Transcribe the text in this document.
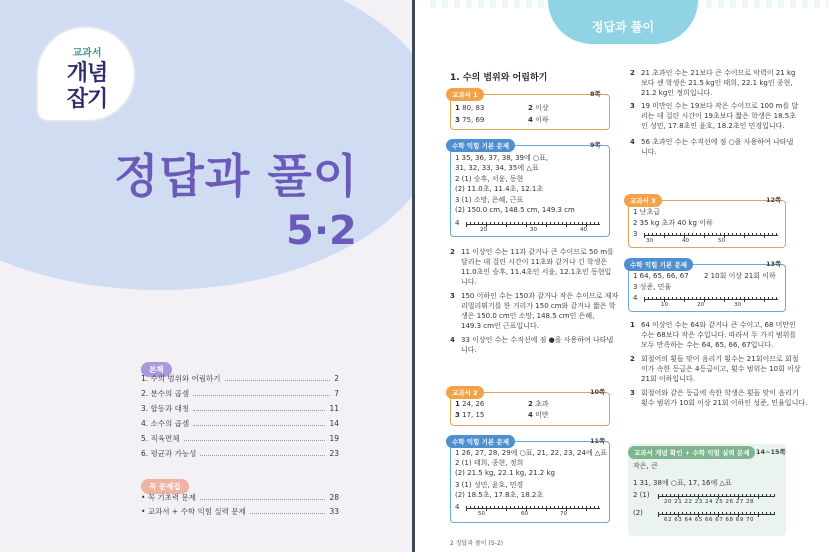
교과서
개념
잡기
정답과 풀이
5·2
본책
1. 수의 범위와 어림하기	2
2. 분수의 곱셈	7
3. 합동과 대칭	11
4. 소수의 곱셈	14
5. 직육면체	19
6. 평균과 가능성	23
꼭 문제집
• 꼭 기초력 문제	28
• 교과서 + 수학 익힘 실력 문제	33
정답과 풀이
1. 수의 범위와 어림하기
교과서 1	8쪽
1 80, 83	2 이상
3 75, 69	4 이하
수학 익힘 기본 문제	9쪽
1 35, 36, 37, 38, 39에 ○표,
31, 32, 33, 34, 35에 △표
2 (1) 승후, 서윤, 동현
(2) 11.0초, 11.4초, 12.1초
3 (1) 소망, 은혜, 근표
(2) 150.0 cm, 148.5 cm, 149.3 cm
4
20	30	40
2 11 이상인 수는 11과 같거나 큰 수이므로 50 m를
달리는 데 걸린 시간이 11초와 같거나 긴 학생은
11.0초인 승후, 11.4초인 서윤, 12.1초인 동현입
니다.
3 150 이하인 수는 150과 같거나 작은 수이므로 제자
리멀리뛰기를 한 거리가 150 cm와 같거나 짧은 학
생은 150.0 cm인 소망, 148.5 cm인 은혜,
149.3 cm인 근표입니다.
4 33 이상인 수는 수직선에 점 ●을 사용하여 나타냅
니다.
교과서 2	10쪽
1 24, 26	2 초과
3 17, 15	4 미만
수학 익힘 기본 문제	11쪽
1 26, 27, 28, 29에 ○표, 21, 22, 23, 24에 △표
2 (1) 태희, 종현, 정희
(2) 21.5 kg, 22.1 kg, 21.2 kg
3 (1) 성민, 윤호, 민경
(2) 18.5초, 17.8초, 18.2초
4
50	60	70
2 정답과 풀이 (5-2)
2 21 초과인 수는 21보다 큰 수이므로 악력이 21 kg
보다 센 학생은 21.5 kg인 태희, 22.1 kg인 종현,
21.2 kg인 정희입니다.
3 19 미만인 수는 19보다 작은 수이므로 100 m를 달
리는 데 걸린 시간이 19초보다 짧은 학생은 18.5초
인 성민, 17.8초인 윤호, 18.2초인 민경입니다.
4 56 초과인 수는 수직선에 점 ○을 사용하여 나타냅
니다.
교과서 3	12쪽
1 난초급
2 35 kg 초과 40 kg 이하
3
30	40	50
수학 익힘 기본 문제	13쪽
1 64, 65, 66, 67 2 10회 이상 21회 이하
3 성준, 민율
4
10	20	30
1 64 이상인 수는 64와 같거나 큰 수이고, 68 미만인
수는 68보다 작은 수입니다. 따라서 두 가지 범위를
모두 만족하는 수는 64, 65, 66, 67입니다.
2 회절어의 횟들 맞이 음리기 횟수는 21회이므로 회절
이가 속한 등급은 4등급이고, 횟수 범위는 10회 이상
21회 이하입니다.
3 회절어와 같은 등급에 속한 학생은 횟들 맞이 음리기
횟수 범위가 10회 이상 21회 이하인 성준, 민율입니다.
교과서 개념 확인 + 수학 익힘 실력 문제	14~15쪽
작은, 큰
1 31, 38에 ○표, 17, 16에 △표
2 (1)
20 21 22 23 24 25 26 27 28
(2)
62 63 64 65 66 67 68 69 70
